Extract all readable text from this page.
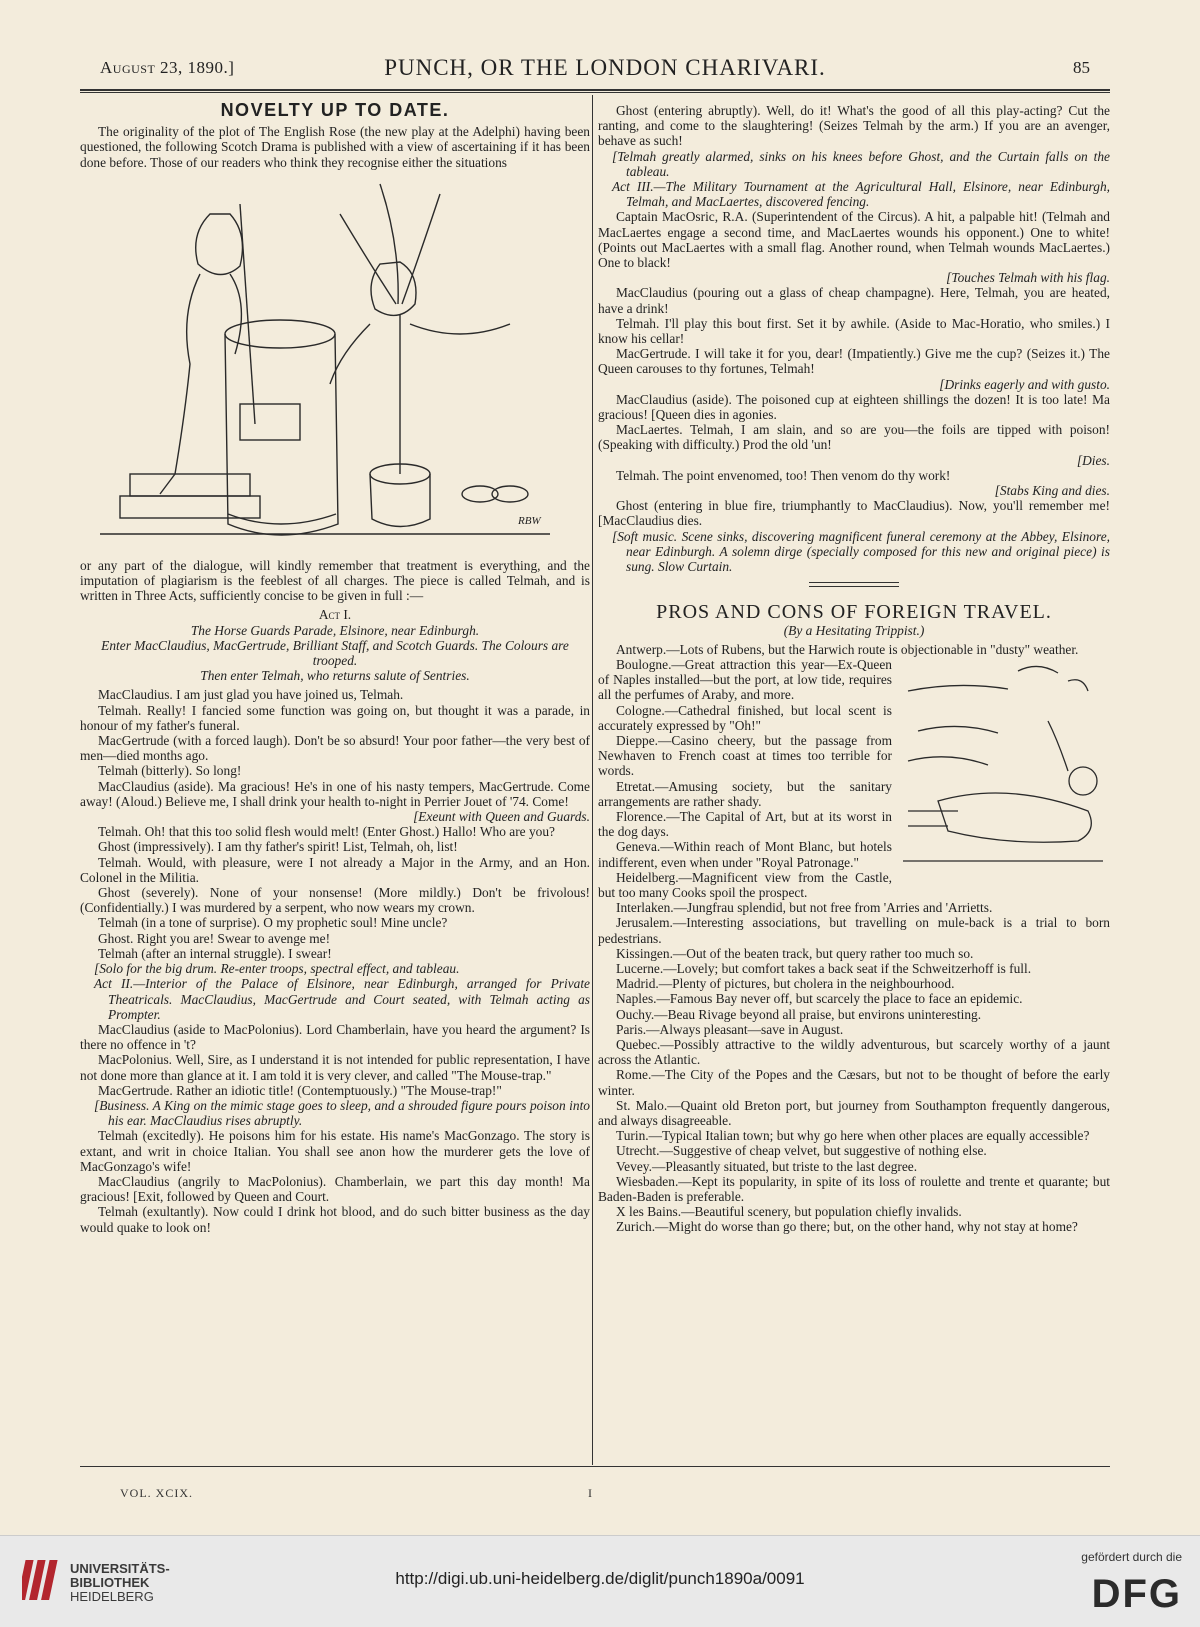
August 23, 1890.]	PUNCH, OR THE LONDON CHARIVARI.	85
NOVELTY UP TO DATE.

The originality of the plot of The English Rose (the new play at the Adelphi) having been questioned, the following Scotch Drama is published with a view of ascertaining if it has been done before. Those of our readers who think they recognise either the situations

RBW

or any part of the dialogue, will kindly remember that treatment is everything, and the imputation of plagiarism is the feeblest of all charges. The piece is called Telmah, and is written in Three Acts, sufficiently concise to be given in full :—

Act I.

The Horse Guards Parade, Elsinore, near Edinburgh.

Enter MacClaudius, MacGertrude, Brilliant Staff, and Scotch Guards. The Colours are trooped.

Then enter Telmah, who returns salute of Sentries.

MacClaudius. I am just glad you have joined us, Telmah.

Telmah. Really! I fancied some function was going on, but thought it was a parade, in honour of my father's funeral.

MacGertrude (with a forced laugh). Don't be so absurd! Your poor father—the very best of men—died months ago.

Telmah (bitterly). So long!

MacClaudius (aside). Ma gracious! He's in one of his nasty tempers, MacGertrude. Come away! (Aloud.) Believe me, I shall drink your health to-night in Perrier Jouet of '74. Come!

[Exeunt with Queen and Guards.

Telmah. Oh! that this too solid flesh would melt! (Enter Ghost.) Hallo! Who are you?

Ghost (impressively). I am thy father's spirit! List, Telmah, oh, list!

Telmah. Would, with pleasure, were I not already a Major in the Army, and an Hon. Colonel in the Militia.

Ghost (severely). None of your nonsense! (More mildly.) Don't be frivolous! (Confidentially.) I was murdered by a serpent, who now wears my crown.

Telmah (in a tone of surprise). O my prophetic soul! Mine uncle?

Ghost. Right you are! Swear to avenge me!

Telmah (after an internal struggle). I swear!

[Solo for the big drum. Re-enter troops, spectral effect, and tableau.

Act II.—Interior of the Palace of Elsinore, near Edinburgh, arranged for Private Theatricals. MacClaudius, MacGertrude and Court seated, with Telmah acting as Prompter.

MacClaudius (aside to MacPolonius). Lord Chamberlain, have you heard the argument? Is there no offence in 't?

MacPolonius. Well, Sire, as I understand it is not intended for public representation, I have not done more than glance at it. I am told it is very clever, and called "The Mouse-trap."

MacGertrude. Rather an idiotic title! (Contemptuously.) "The Mouse-trap!"

[Business. A King on the mimic stage goes to sleep, and a shrouded figure pours poison into his ear. MacClaudius rises abruptly.

Telmah (excitedly). He poisons him for his estate. His name's MacGonzago. The story is extant, and writ in choice Italian. You shall see anon how the murderer gets the love of MacGonzago's wife!

MacClaudius (angrily to MacPolonius). Chamberlain, we part this day month! Ma gracious! [Exit, followed by Queen and Court.

Telmah (exultantly). Now could I drink hot blood, and do such bitter business as the day would quake to look on!

Ghost (entering abruptly). Well, do it! What's the good of all this play-acting? Cut the ranting, and come to the slaughtering! (Seizes Telmah by the arm.) If you are an avenger, behave as such!

[Telmah greatly alarmed, sinks on his knees before Ghost, and the Curtain falls on the tableau.

Act III.—The Military Tournament at the Agricultural Hall, Elsinore, near Edinburgh, Telmah, and MacLaertes, discovered fencing.

Captain MacOsric, R.A. (Superintendent of the Circus). A hit, a palpable hit! (Telmah and MacLaertes engage a second time, and MacLaertes wounds his opponent.) One to white! (Points out MacLaertes with a small flag. Another round, when Telmah wounds MacLaertes.) One to black!

[Touches Telmah with his flag.

MacClaudius (pouring out a glass of cheap champagne). Here, Telmah, you are heated, have a drink!

Telmah. I'll play this bout first. Set it by awhile. (Aside to Mac-Horatio, who smiles.) I know his cellar!

MacGertrude. I will take it for you, dear! (Impatiently.) Give me the cup? (Seizes it.) The Queen carouses to thy fortunes, Telmah!

[Drinks eagerly and with gusto.

MacClaudius (aside). The poisoned cup at eighteen shillings the dozen! It is too late! Ma gracious! [Queen dies in agonies.

MacLaertes. Telmah, I am slain, and so are you—the foils are tipped with poison! (Speaking with difficulty.) Prod the old 'un!

[Dies.

Telmah. The point envenomed, too! Then venom do thy work!

[Stabs King and dies.

Ghost (entering in blue fire, triumphantly to MacClaudius). Now, you'll remember me! [MacClaudius dies.

[Soft music. Scene sinks, discovering magnificent funeral ceremony at the Abbey, Elsinore, near Edinburgh. A solemn dirge (specially composed for this new and original piece) is sung. Slow Curtain.

PROS AND CONS OF FOREIGN TRAVEL.

(By a Hesitating Trippist.)

Antwerp.—Lots of Rubens, but the Harwich route is objectionable in "dusty" weather.

Boulogne.—Great attraction this year—Ex-Queen of Naples installed—but the port, at low tide, requires all the perfumes of Araby, and more.

Cologne.—Cathedral finished, but local scent is accurately expressed by "Oh!"

Dieppe.—Casino cheery, but the passage from Newhaven to French coast at times too terrible for words.

Etretat.—Amusing society, but the sanitary arrangements are rather shady.

Florence.—The Capital of Art, but at its worst in the dog days.

Geneva.—Within reach of Mont Blanc, but hotels indifferent, even when under "Royal Patronage."

Heidelberg.—Magnificent view from the Castle, but too many Cooks spoil the prospect.

Interlaken.—Jungfrau splendid, but not free from 'Arries and 'Arrietts.

Jerusalem.—Interesting associations, but travelling on mule-back is a trial to born pedestrians.

Kissingen.—Out of the beaten track, but query rather too much so.

Lucerne.—Lovely; but comfort takes a back seat if the Schweitzerhoff is full.

Madrid.—Plenty of pictures, but cholera in the neighbourhood.

Naples.—Famous Bay never off, but scarcely the place to face an epidemic.

Ouchy.—Beau Rivage beyond all praise, but environs uninteresting.

Paris.—Always pleasant—save in August.

Quebec.—Possibly attractive to the wildly adventurous, but scarcely worthy of a jaunt across the Atlantic.

Rome.—The City of the Popes and the Cæsars, but not to be thought of before the early winter.

St. Malo.—Quaint old Breton port, but journey from Southampton frequently dangerous, and always disagreeable.

Turin.—Typical Italian town; but why go here when other places are equally accessible?

Utrecht.—Suggestive of cheap velvet, but suggestive of nothing else.

Vevey.—Pleasantly situated, but triste to the last degree.

Wiesbaden.—Kept its popularity, in spite of its loss of roulette and trente et quarante; but Baden-Baden is preferable.

X les Bains.—Beautiful scenery, but population chiefly invalids.

Zurich.—Might do worse than go there; but, on the other hand, why not stay at home?

VOL. XCIX.	I
UNIVERSITÄTS-
BIBLIOTHEK
HEIDELBERG
http://digi.ub.uni-heidelberg.de/diglit/punch1890a/0091
gefördert durch die
DFG
